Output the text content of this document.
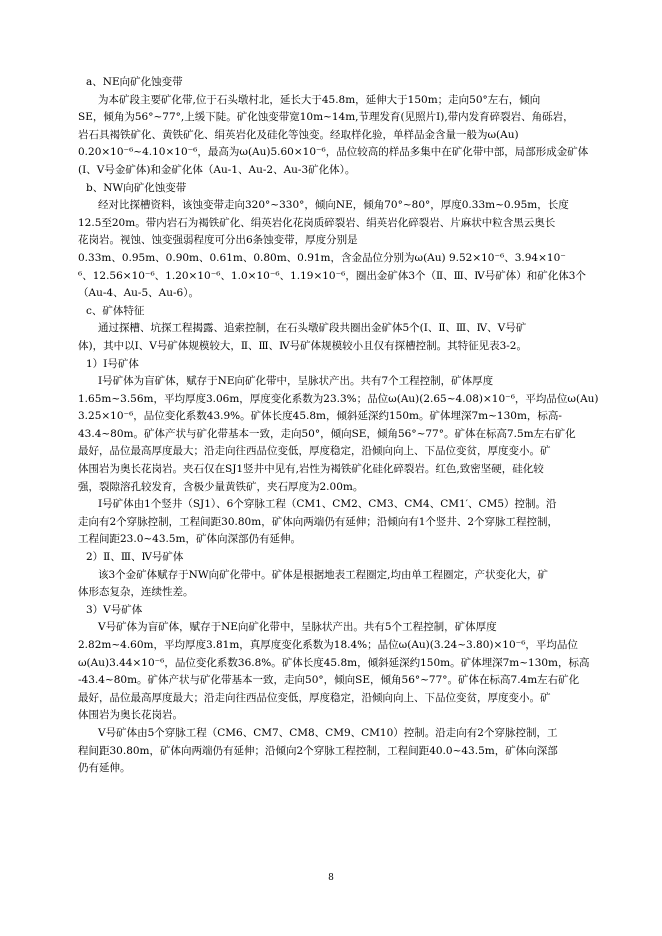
a、NE向矿化蚀变带
为本矿段主要矿化带,位于石头墩村北，延长大于45.8m，延伸大于150m；走向50°左右，倾向
SE，倾角为56°~77°,上缓下陡。矿化蚀变带宽10m~14m,节理发育(见照片I),带内发育碎裂岩、角砾岩，
岩石具褐铁矿化、黄铁矿化、绢英岩化及硅化等蚀变。经取样化验，单样品金含量一般为ω(Au)
0.20×10⁻⁶~4.10×10⁻⁶，最高为ω(Au)5.60×10⁻⁶，品位较高的样品多集中在矿化带中部，局部形成金矿体
(I、V号金矿体)和金矿化体（Au-1、Au-2、Au-3矿化体）。
b、NW向矿化蚀变带
经对比探槽资料，该蚀变带走向320°~330°，倾向NE，倾角70°~80°，厚度0.33m~0.95m，长度
12.5至20m。带内岩石为褐铁矿化、绢英岩化花岗质碎裂岩、绢英岩化碎裂岩、片麻状中粒含黑云奥长
花岗岩。视蚀、蚀变强弱程度可分出6条蚀变带，厚度分别是
0.33m、0.95m、0.90m、0.61m、0.80m、0.91m，含金品位分别为ω(Au) 9.52×10⁻⁶、3.94×10⁻
⁶、12.56×10⁻⁶、1.20×10⁻⁶、1.0×10⁻⁶、1.19×10⁻⁶，圈出金矿体3个（Ⅱ、Ⅲ、Ⅳ号矿体）和矿化体3个
（Au-4、Au-5、Au-6）。
c、矿体特征
通过探槽、坑探工程揭露、追索控制，在石头墩矿段共圈出金矿体5个(Ⅰ、Ⅱ、Ⅲ、Ⅳ、Ⅴ号矿
体)，其中以Ⅰ、Ⅴ号矿体规模较大，Ⅱ、Ⅲ、Ⅳ号矿体规模较小且仅有探槽控制。其特征见表3-2。
1）Ⅰ号矿体
Ⅰ号矿体为盲矿体，赋存于NE向矿化带中，呈脉状产出。共有7个工程控制，矿体厚度
1.65m~3.56m，平均厚度3.06m，厚度变化系数为23.3%；品位ω(Au)(2.65~4.08)×10⁻⁶，平均品位ω(Au)
3.25×10⁻⁶，品位变化系数43.9%。矿体长度45.8m，倾斜延深约150m。矿体埋深7m~130m，标高-
43.4~80m。矿体产状与矿化带基本一致，走向50°，倾向SE，倾角56°~77°。矿体在标高7.5m左右矿化
最好，品位最高厚度最大；沿走向往西品位变低，厚度稳定，沿倾向向上、下品位变贫，厚度变小。矿
体围岩为奥长花岗岩。夹石仅在SJ1竖井中见有,岩性为褐铁矿化硅化碎裂岩。红色,致密坚硬，硅化较
强，裂隙溶孔较发育，含极少量黄铁矿，夹石厚度为2.00m。
Ⅰ号矿体由1个竖井（SJ1）、6个穿脉工程（CM1、CM2、CM3、CM4、CM1′、CM5）控制。沿
走向有2个穿脉控制，工程间距30.80m，矿体向两端仍有延伸；沿倾向有1个竖井、2个穿脉工程控制，
工程间距23.0~43.5m，矿体向深部仍有延伸。
2）Ⅱ、Ⅲ、Ⅳ号矿体
该3个金矿体赋存于NW向矿化带中。矿体是根据地表工程圈定,均由单工程圈定，产状变化大，矿
体形态复杂，连续性差。
3）Ⅴ号矿体
Ⅴ号矿体为盲矿体，赋存于NE向矿化带中，呈脉状产出。共有5个工程控制，矿体厚度
2.82m~4.60m，平均厚度3.81m，真厚度变化系数为18.4%；品位ω(Au)(3.24~3.80)×10⁻⁶，平均品位
ω(Au)3.44×10⁻⁶，品位变化系数36.8%。矿体长度45.8m，倾斜延深约150m。矿体埋深7m~130m，标高
-43.4~80m。矿体产状与矿化带基本一致，走向50°，倾向SE，倾角56°~77°。矿体在标高7.4m左右矿化
最好，品位最高厚度最大；沿走向往西品位变低，厚度稳定，沿倾向向上、下品位变贫，厚度变小。矿
体围岩为奥长花岗岩。
Ⅴ号矿体由5个穿脉工程（CM6、CM7、CM8、CM9、CM10）控制。沿走向有2个穿脉控制，工
程间距30.80m，矿体向两端仍有延伸；沿倾向2个穿脉工程控制，工程间距40.0~43.5m，矿体向深部
仍有延伸。
8
